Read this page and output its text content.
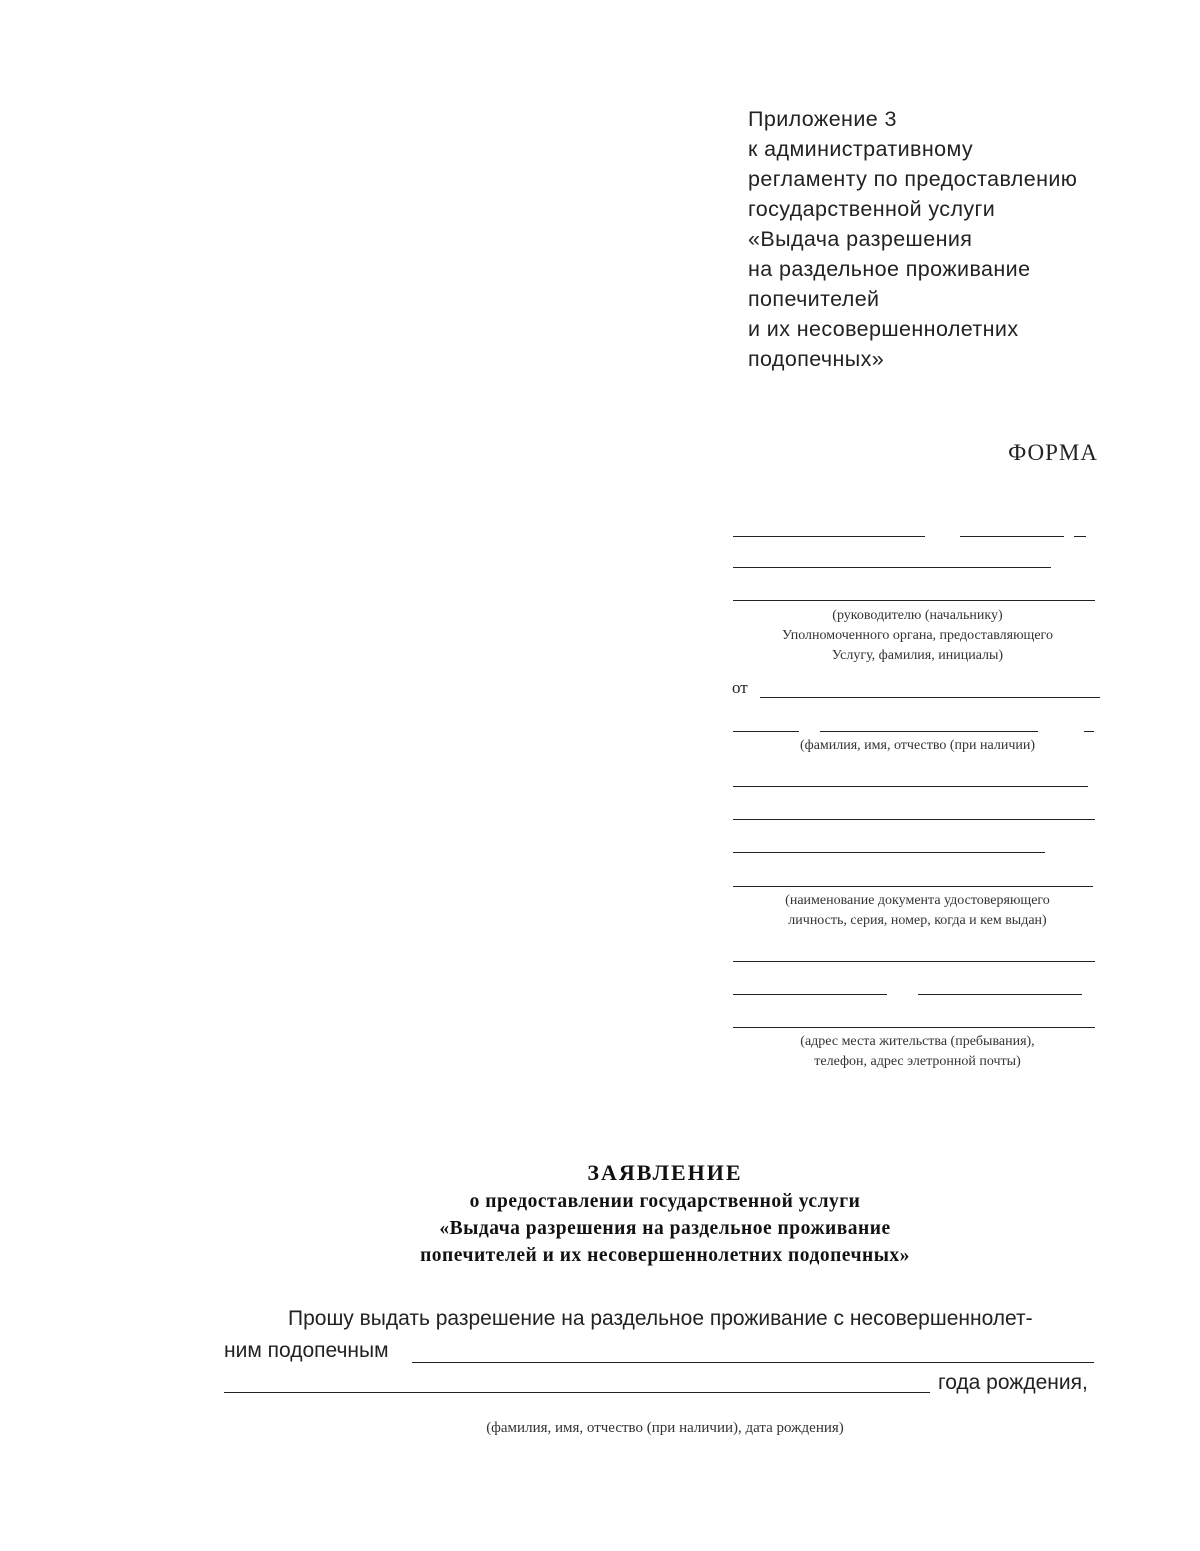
Приложение 3
к административному
регламенту по предоставлению
государственной услуги
«Выдача разрешения
на раздельное проживание
попечителей
и их несовершеннолетних
подопечных»
ФОРМА
(руководителю (начальнику)
Уполномоченного органа, предоставляющего
Услугу, фамилия, инициалы)
от
(фамилия, имя, отчество (при наличии)
(наименование документа удостоверяющего
личность, серия, номер, когда и кем выдан)
(адрес места жительства (пребывания),
телефон, адрес элетронной почты)
ЗАЯВЛЕНИЕ
о предоставлении государственной услуги
«Выдача разрешения на раздельное проживание
попечителей и их несовершеннолетних подопечных»
Прошу выдать разрешение на раздельное проживание с несовершеннолет-
ним подопечным
года рождения,
(фамилия, имя, отчество (при наличии), дата рождения)
